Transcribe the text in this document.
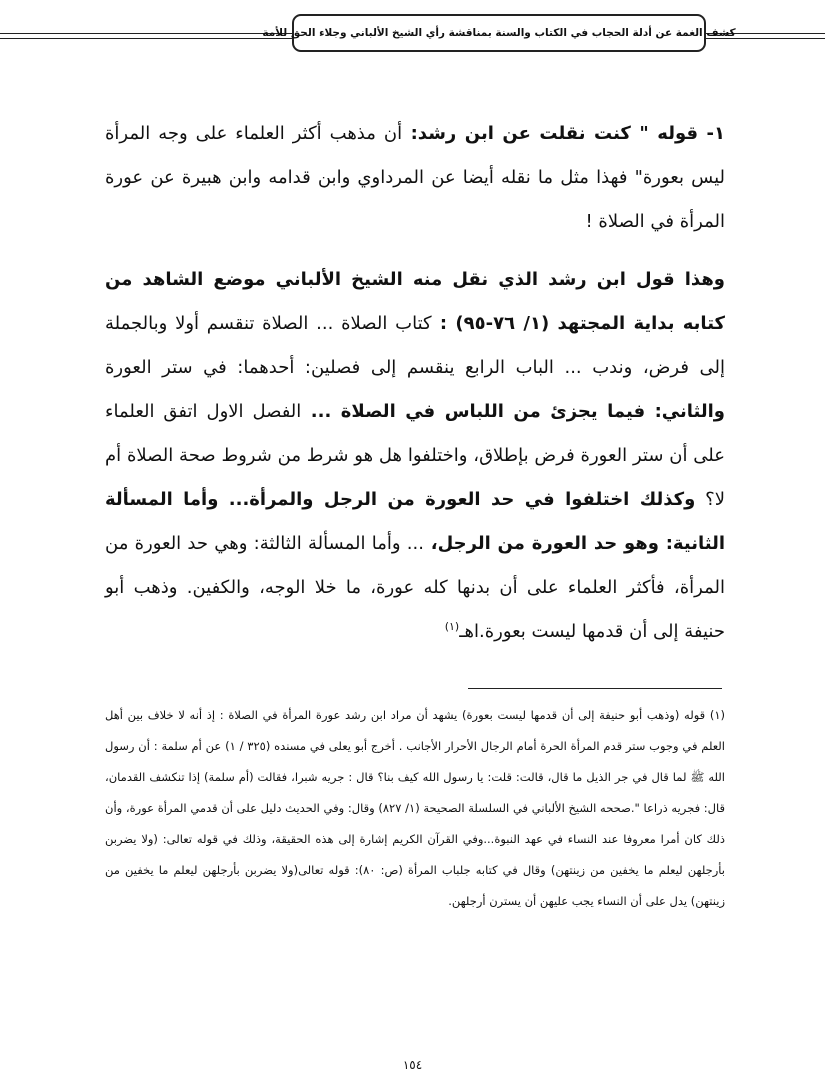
كشف الغمة عن أدلة الحجاب في الكتاب والسنة بمناقشة رأي الشيخ الألباني وجلاء الحق للأمة

١- قوله " كنت نقلت عن ابن رشد: أن مذهب أكثر العلماء على وجه المرأة ليس بعورة" فهذا مثل ما نقله أيضا عن المرداوي وابن قدامه وابن هبيرة عن عورة المرأة في الصلاة !

وهذا قول ابن رشد الذي نقل منه الشيخ الألباني موضع الشاهد من كتابه بداية المجتهد (١/ ٧٦-٩٥) : كتاب الصلاة ... الصلاة تنقسم أولا وبالجملة إلى فرض، وندب ... الباب الرابع ينقسم إلى فصلين: أحدهما: في ستر العورة والثاني: فيما يجزئ من اللباس في الصلاة ... الفصل الاول اتفق العلماء على أن ستر العورة فرض بإطلاق، واختلفوا هل هو شرط من شروط صحة الصلاة أم لا؟ وكذلك اختلفوا في حد العورة من الرجل والمرأة... وأما المسألة الثانية: وهو حد العورة من الرجل، ... وأما المسألة الثالثة: وهي حد العورة من المرأة، فأكثر العلماء على أن بدنها كله عورة، ما خلا الوجه، والكفين. وذهب أبو حنيفة إلى أن قدمها ليست بعورة.اهـ$^{(١)}$

(١) قوله (وذهب أبو حنيفة إلى أن قدمها ليست بعورة) يشهد أن مراد ابن رشد عورة المرأة في الصلاة : إذ أنه لا خلاف بين أهل العلم في وجوب ستر قدم المرأة الحرة أمام الرجال الأحرار الأجانب . أخرج أبو يعلى في مسنده (٣٢٥ / ١) عن أم سلمة : أن رسول الله ﷺ لما قال في جر الذيل ما قال، قالت: قلت: يا رسول الله كيف بنا؟ قال : جريه شبرا، فقالت (أم سلمة) إذا تنكشف القدمان، قال: فجريه ذراعا ".صححه الشيخ الألباني في السلسلة الصحيحة (١/ ٨٢٧) وقال: وفي الحديث دليل على أن قدمي المرأة عورة، وأن ذلك كان أمرا معروفا عند النساء في عهد النبوة...وفي القرآن الكريم إشارة إلى هذه الحقيقة، وذلك في قوله تعالى: (ولا يضربن بأرجلهن ليعلم ما يخفين من زينتهن) وقال في كتابه جلباب المرأة (ص: ٨٠): قوله تعالى(ولا يضربن بأرجلهن ليعلم ما يخفين من زينتهن) يدل على أن النساء يجب عليهن أن يسترن أرجلهن.

١٥٤
